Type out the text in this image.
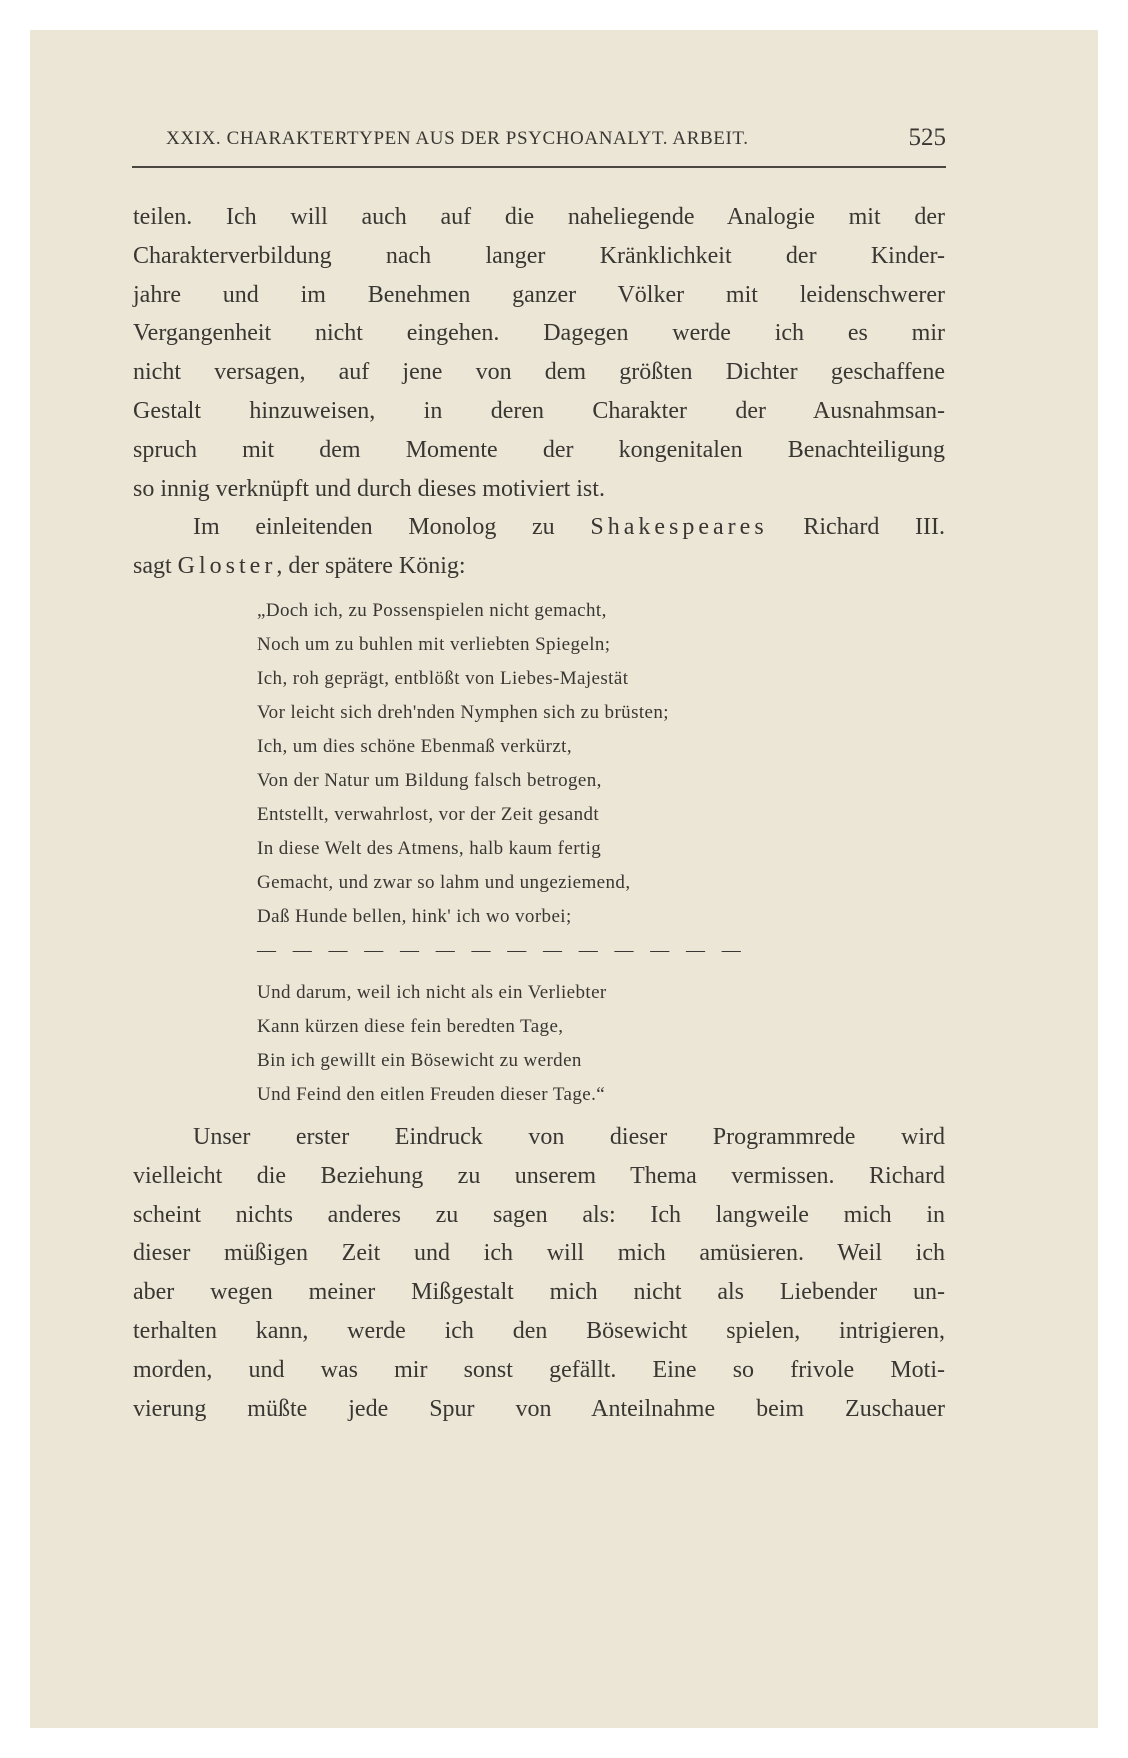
XXIX. CHARAKTERTYPEN AUS DER PSYCHOANALYT. ARBEIT.	525

teilen. Ich will auch auf die naheliegende Analogie mit der
Charakterverbildung nach langer Kränklichkeit der Kinder-
jahre und im Benehmen ganzer Völker mit leidenschwerer
Vergangenheit nicht eingehen. Dagegen werde ich es mir
nicht versagen, auf jene von dem größten Dichter geschaffene
Gestalt hinzuweisen, in deren Charakter der Ausnahmsan-
spruch mit dem Momente der kongenitalen Benachteiligung
so innig verknüpft und durch dieses motiviert ist.

Im einleitenden Monolog zu Shakespeares Richard III.
sagt Gloster, der spätere König:

„Doch ich, zu Possenspielen nicht gemacht,
Noch um zu buhlen mit verliebten Spiegeln;
Ich, roh geprägt, entblößt von Liebes-Majestät
Vor leicht sich dreh'nden Nymphen sich zu brüsten;
Ich, um dies schöne Ebenmaß verkürzt,
Von der Natur um Bildung falsch betrogen,
Entstellt, verwahrlost, vor der Zeit gesandt
In diese Welt des Atmens, halb kaum fertig
Gemacht, und zwar so lahm und ungeziemend,
Daß Hunde bellen, hink' ich wo vorbei;
— — — — — — — — — — — — — —
Und darum, weil ich nicht als ein Verliebter
Kann kürzen diese fein beredten Tage,
Bin ich gewillt ein Bösewicht zu werden
Und Feind den eitlen Freuden dieser Tage.“

Unser erster Eindruck von dieser Programmrede wird
vielleicht die Beziehung zu unserem Thema vermissen. Richard
scheint nichts anderes zu sagen als: Ich langweile mich in
dieser müßigen Zeit und ich will mich amüsieren. Weil ich
aber wegen meiner Mißgestalt mich nicht als Liebender un-
terhalten kann, werde ich den Bösewicht spielen, intrigieren,
morden, und was mir sonst gefällt. Eine so frivole Moti-
vierung müßte jede Spur von Anteilnahme beim Zuschauer
